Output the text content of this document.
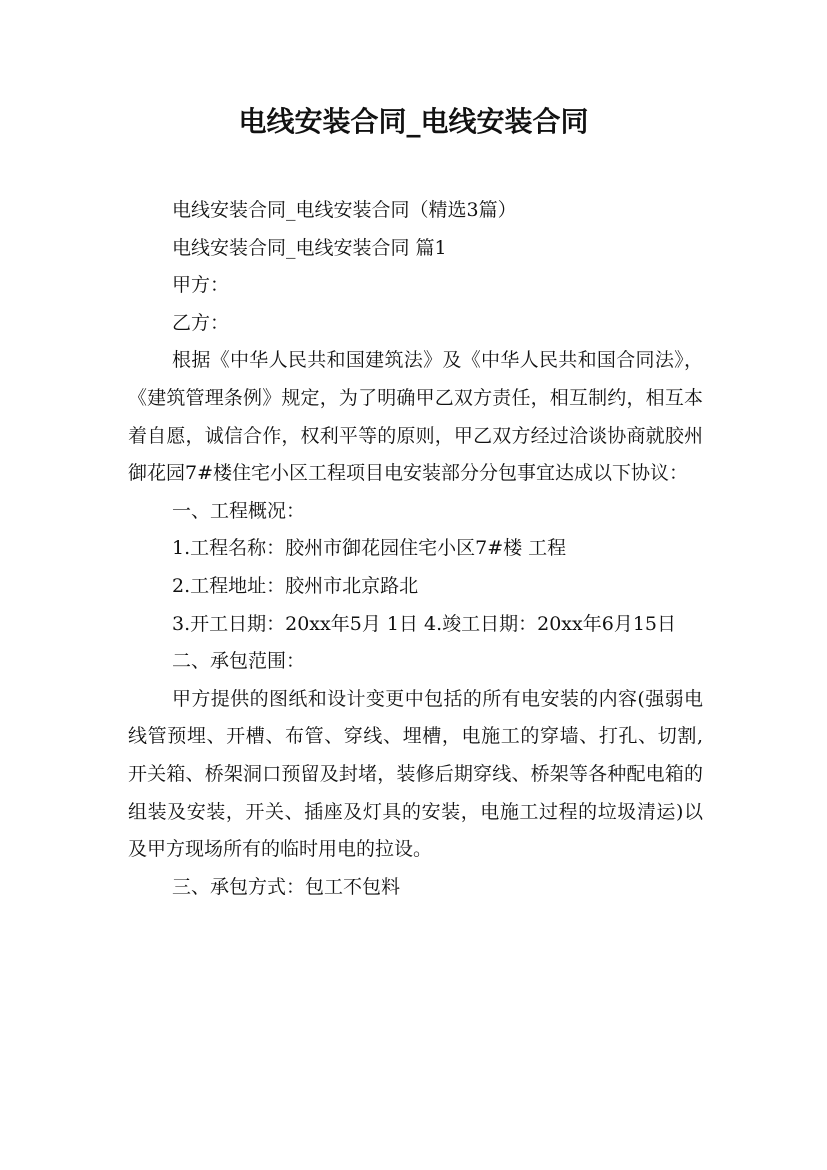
电线安装合同_电线安装合同
电线安装合同_电线安装合同（精选3篇）
电线安装合同_电线安装合同 篇1
甲方：
乙方：
根据《中华人民共和国建筑法》及《中华人民共和国合同法》，《建筑管理条例》规定，为了明确甲乙双方责任，相互制约，相互本着自愿，诚信合作，权利平等的原则，甲乙双方经过洽谈协商就胶州御花园7#楼住宅小区工程项目电安装部分分包事宜达成以下协议：
一、工程概况：
1.工程名称：胶州市御花园住宅小区7#楼 工程
2.工程地址：胶州市北京路北
3.开工日期：20xx年5月 1日 4.竣工日期：20xx年6月15日
二、承包范围：
甲方提供的图纸和设计变更中包括的所有电安装的内容(强弱电线管预埋、开槽、布管、穿线、埋槽，电施工的穿墙、打孔、切割,开关箱、桥架洞口预留及封堵，装修后期穿线、桥架等各种配电箱的组装及安装，开关、插座及灯具的安装，电施工过程的垃圾清运)以及甲方现场所有的临时用电的拉设。
三、承包方式：包工不包料
